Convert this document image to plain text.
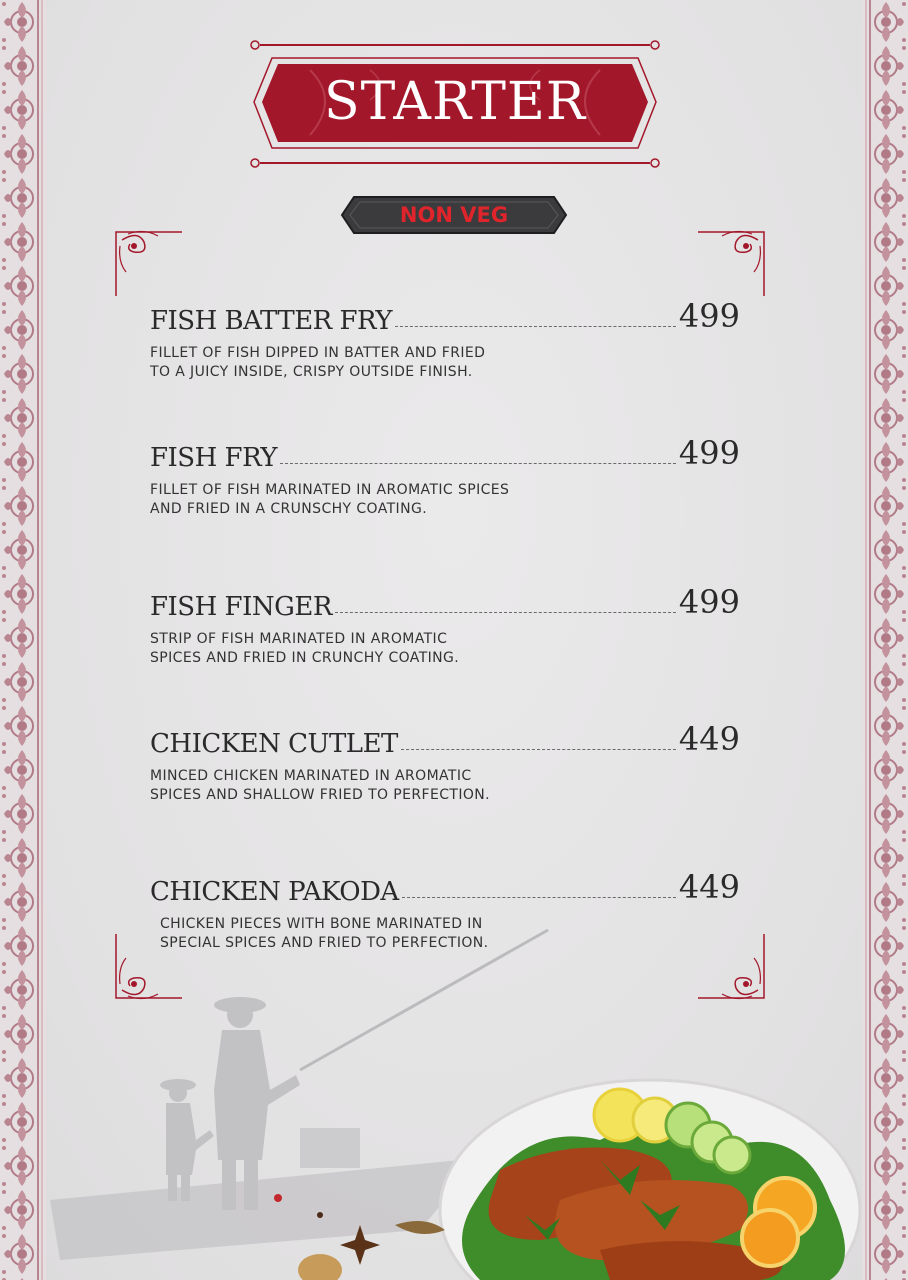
STARTER
NON VEG
FISH BATTER FRY	499
FILLET OF FISH DIPPED IN BATTER AND FRIED
TO A JUICY INSIDE, CRISPY OUTSIDE FINISH.
FISH FRY	499
FILLET OF FISH MARINATED IN AROMATIC SPICES
AND FRIED IN A CRUNSCHY COATING.
FISH FINGER	499
STRIP OF FISH MARINATED IN AROMATIC
SPICES AND FRIED IN CRUNCHY COATING.
CHICKEN CUTLET	449
MINCED CHICKEN MARINATED IN AROMATIC
SPICES AND SHALLOW FRIED TO PERFECTION.
CHICKEN PAKODA	449
CHICKEN PIECES WITH BONE MARINATED IN
SPECIAL SPICES AND FRIED TO PERFECTION.
